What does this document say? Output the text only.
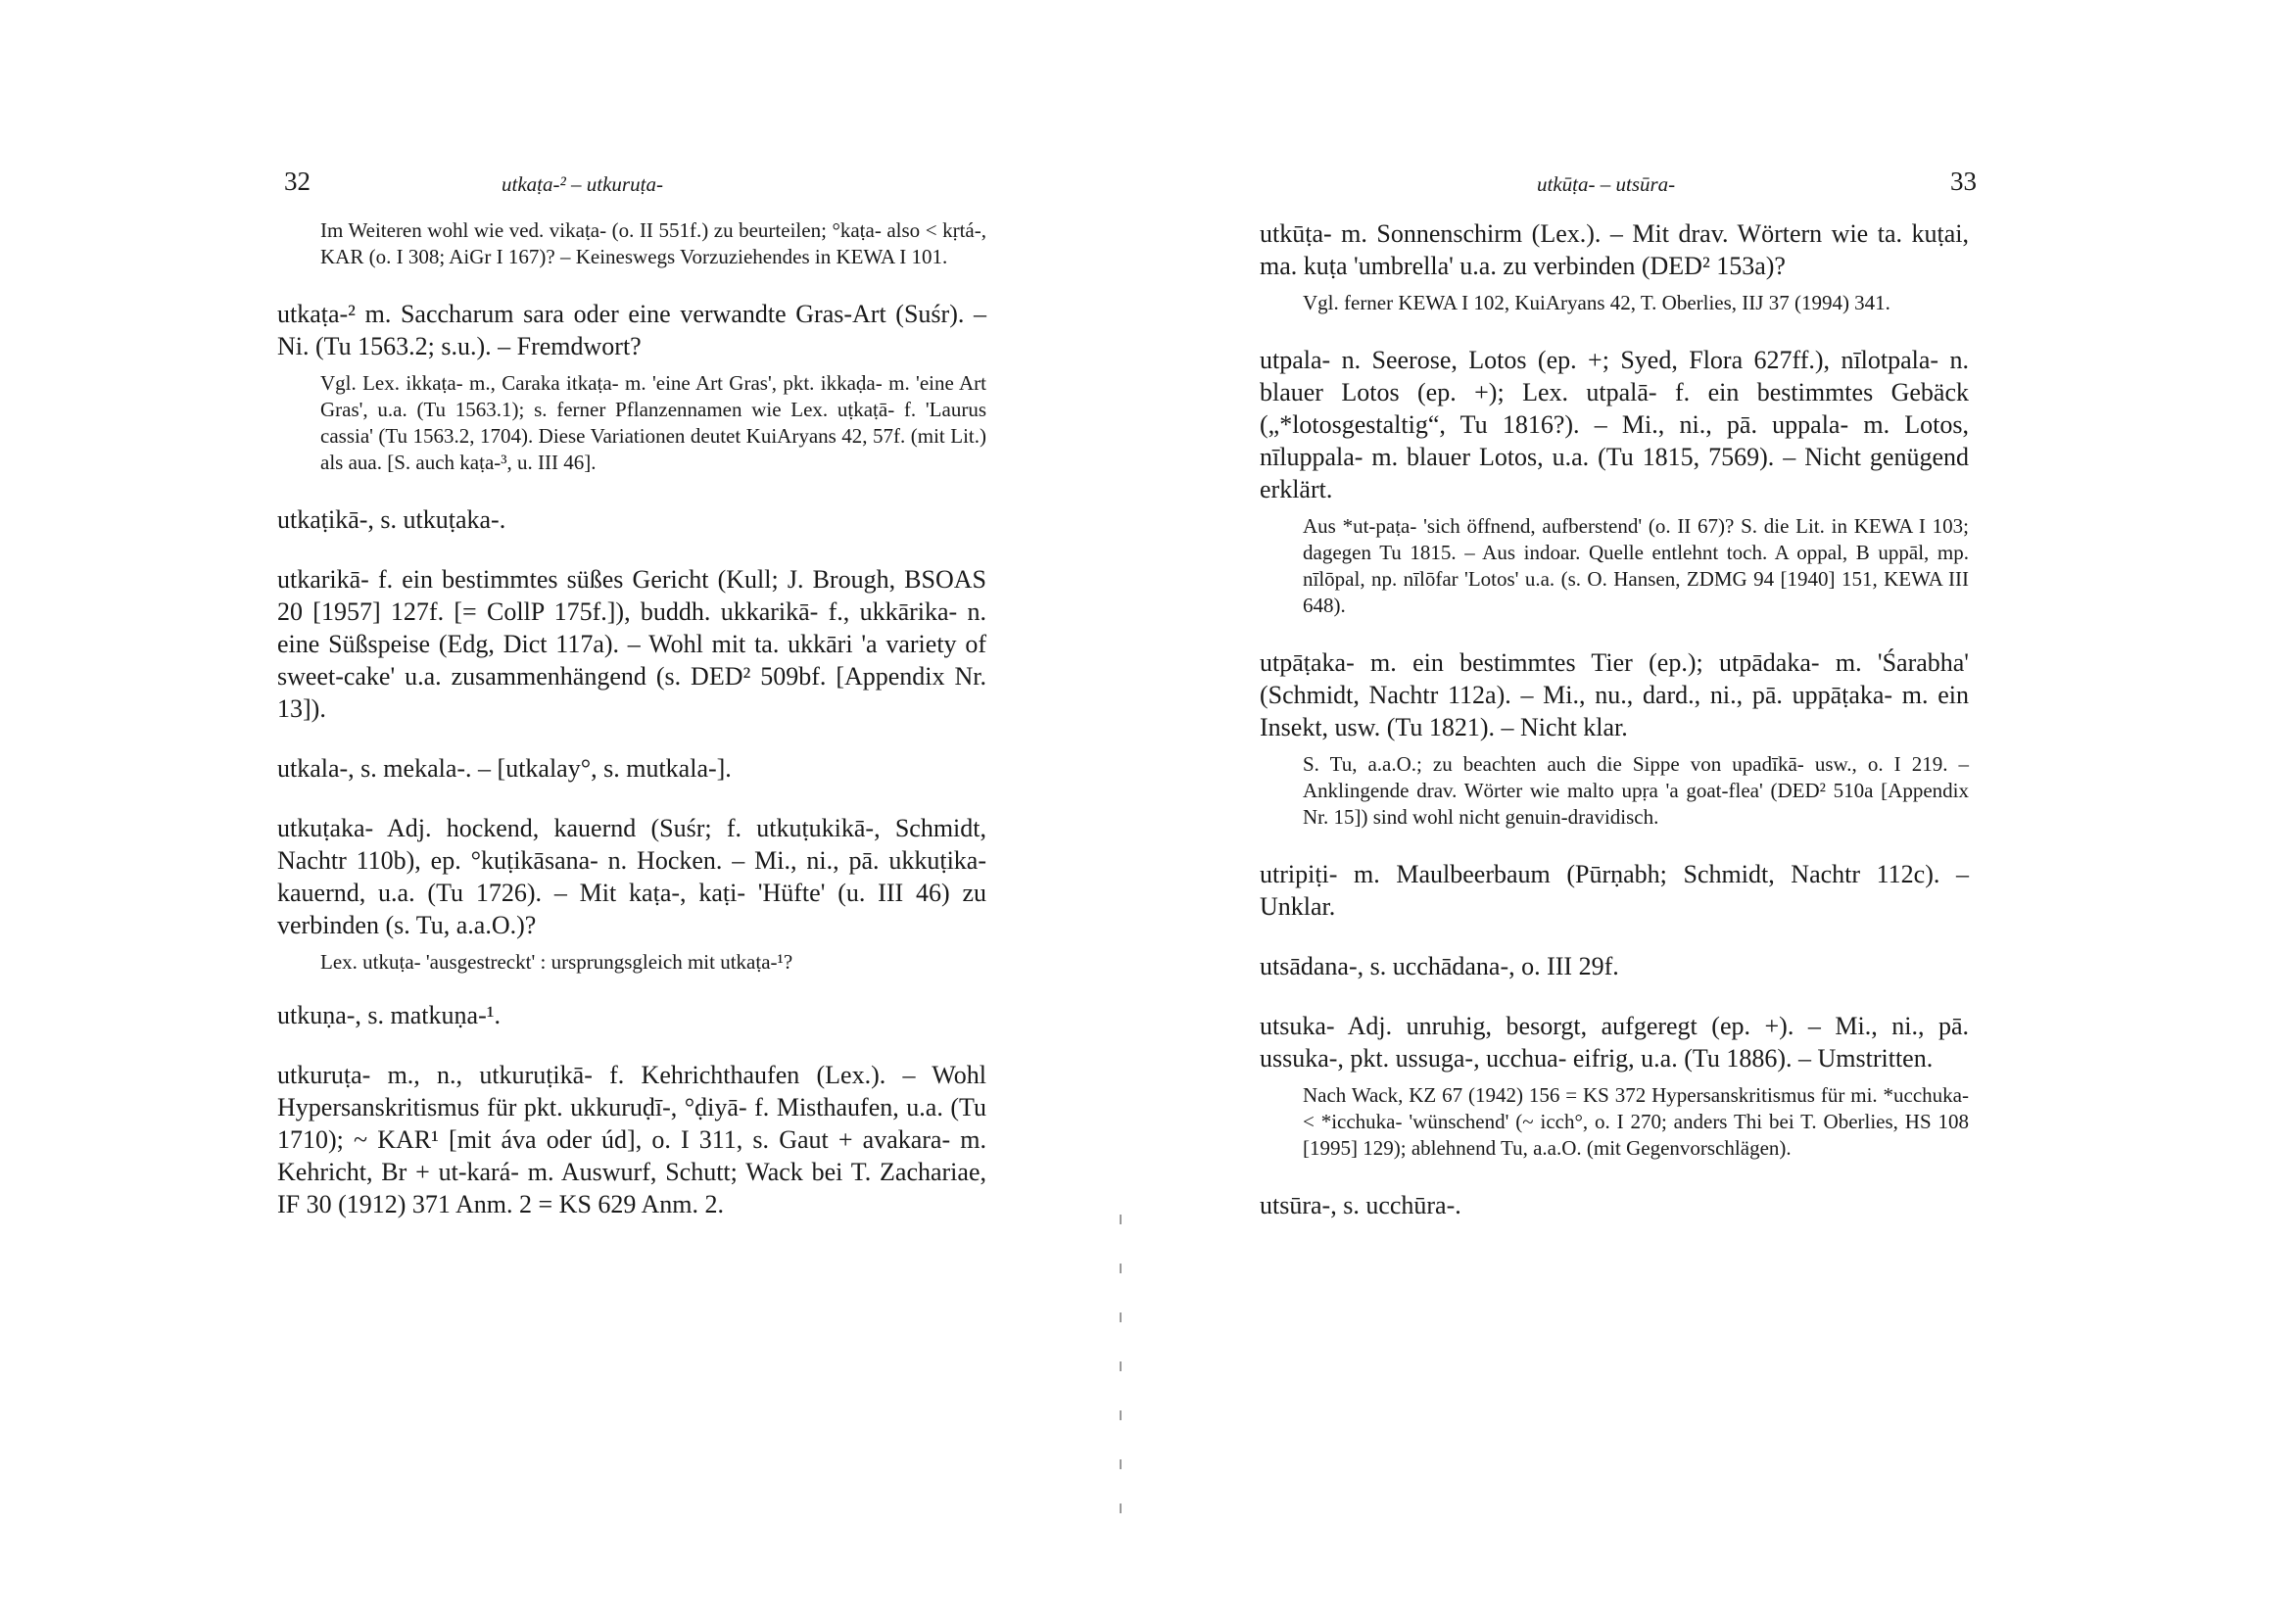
32	utkaṭa-² – utkuruṭa-

Im Weiteren wohl wie ved. vikaṭa- (o. II 551f.) zu beurteilen; °kaṭa- also < kṛtá-, KAR (o. I 308; AiGr I 167)? – Keineswegs Vorzuziehendes in KEWA I 101.

utkaṭa-² m. Saccharum sara oder eine verwandte Gras-Art (Suśr). – Ni. (Tu 1563.2; s.u.). – Fremdwort?

Vgl. Lex. ikkaṭa- m., Caraka itkaṭa- m. 'eine Art Gras', pkt. ikkaḍa- m. 'eine Art Gras', u.a. (Tu 1563.1); s. ferner Pflanzennamen wie Lex. uṭkaṭā- f. 'Laurus cassia' (Tu 1563.2, 1704). Diese Variationen deutet KuiAryans 42, 57f. (mit Lit.) als aua. [S. auch kaṭa-³, u. III 46].

utkaṭikā-, s. utkuṭaka-.

utkarikā- f. ein bestimmtes süßes Gericht (Kull; J. Brough, BSOAS 20 [1957] 127f. [= CollP 175f.]), buddh. ukkarikā- f., ukkārika- n. eine Süßspeise (Edg, Dict 117a). – Wohl mit ta. ukkāri 'a variety of sweet-cake' u.a. zusammenhängend (s. DED² 509bf. [Appendix Nr. 13]).

utkala-, s. mekala-. – [utkalay°, s. mutkala-].

utkuṭaka- Adj. hockend, kauernd (Suśr; f. utkuṭukikā-, Schmidt, Nachtr 110b), ep. °kuṭikāsana- n. Hocken. – Mi., ni., pā. ukkuṭika- kauernd, u.a. (Tu 1726). – Mit kaṭa-, kaṭi- 'Hüfte' (u. III 46) zu verbinden (s. Tu, a.a.O.)?

Lex. utkuṭa- 'ausgestreckt' : ursprungsgleich mit utkaṭa-¹?

utkuṇa-, s. matkuṇa-¹.

utkuruṭa- m., n., utkuruṭikā- f. Kehrichthaufen (Lex.). – Wohl Hypersanskritismus für pkt. ukkuruḍī-, °ḍiyā- f. Misthaufen, u.a. (Tu 1710); ~ KAR¹ [mit áva oder úd], o. I 311, s. Gaut + avakara- m. Kehricht, Br + ut-kará- m. Auswurf, Schutt; Wack bei T. Zachariae, IF 30 (1912) 371 Anm. 2 = KS 629 Anm. 2.

utkūṭa- – utsūra-	33

utkūṭa- m. Sonnenschirm (Lex.). – Mit drav. Wörtern wie ta. kuṭai, ma. kuṭa 'umbrella' u.a. zu verbinden (DED² 153a)?

Vgl. ferner KEWA I 102, KuiAryans 42, T. Oberlies, IIJ 37 (1994) 341.

utpala- n. Seerose, Lotos (ep. +; Syed, Flora 627ff.), nīlotpala- n. blauer Lotos (ep. +); Lex. utpalā- f. ein bestimmtes Gebäck („*lotosgestaltig“, Tu 1816?). – Mi., ni., pā. uppala- m. Lotos, nīluppala- m. blauer Lotos, u.a. (Tu 1815, 7569). – Nicht genügend erklärt.

Aus *ut-paṭa- 'sich öffnend, aufberstend' (o. II 67)? S. die Lit. in KEWA I 103; dagegen Tu 1815. – Aus indoar. Quelle entlehnt toch. A oppal, B uppāl, mp. nīlōpal, np. nīlōfar 'Lotos' u.a. (s. O. Hansen, ZDMG 94 [1940] 151, KEWA III 648).

utpāṭaka- m. ein bestimmtes Tier (ep.); utpādaka- m. 'Śarabha' (Schmidt, Nachtr 112a). – Mi., nu., dard., ni., pā. uppāṭaka- m. ein Insekt, usw. (Tu 1821). – Nicht klar.

S. Tu, a.a.O.; zu beachten auch die Sippe von upadīkā- usw., o. I 219. – Anklingende drav. Wörter wie malto upṛa 'a goat-flea' (DED² 510a [Appendix Nr. 15]) sind wohl nicht genuin-dravidisch.

utripiṭi- m. Maulbeerbaum (Pūrṇabh; Schmidt, Nachtr 112c). – Unklar.

utsādana-, s. ucchādana-, o. III 29f.

utsuka- Adj. unruhig, besorgt, aufgeregt (ep. +). – Mi., ni., pā. ussuka-, pkt. ussuga-, ucchua- eifrig, u.a. (Tu 1886). – Umstritten.

Nach Wack, KZ 67 (1942) 156 = KS 372 Hypersanskritismus für mi. *ucchuka- < *icchuka- 'wünschend' (~ icch°, o. I 270; anders Thi bei T. Oberlies, HS 108 [1995] 129); ablehnend Tu, a.a.O. (mit Gegenvorschlägen).

utsūra-, s. ucchūra-.
